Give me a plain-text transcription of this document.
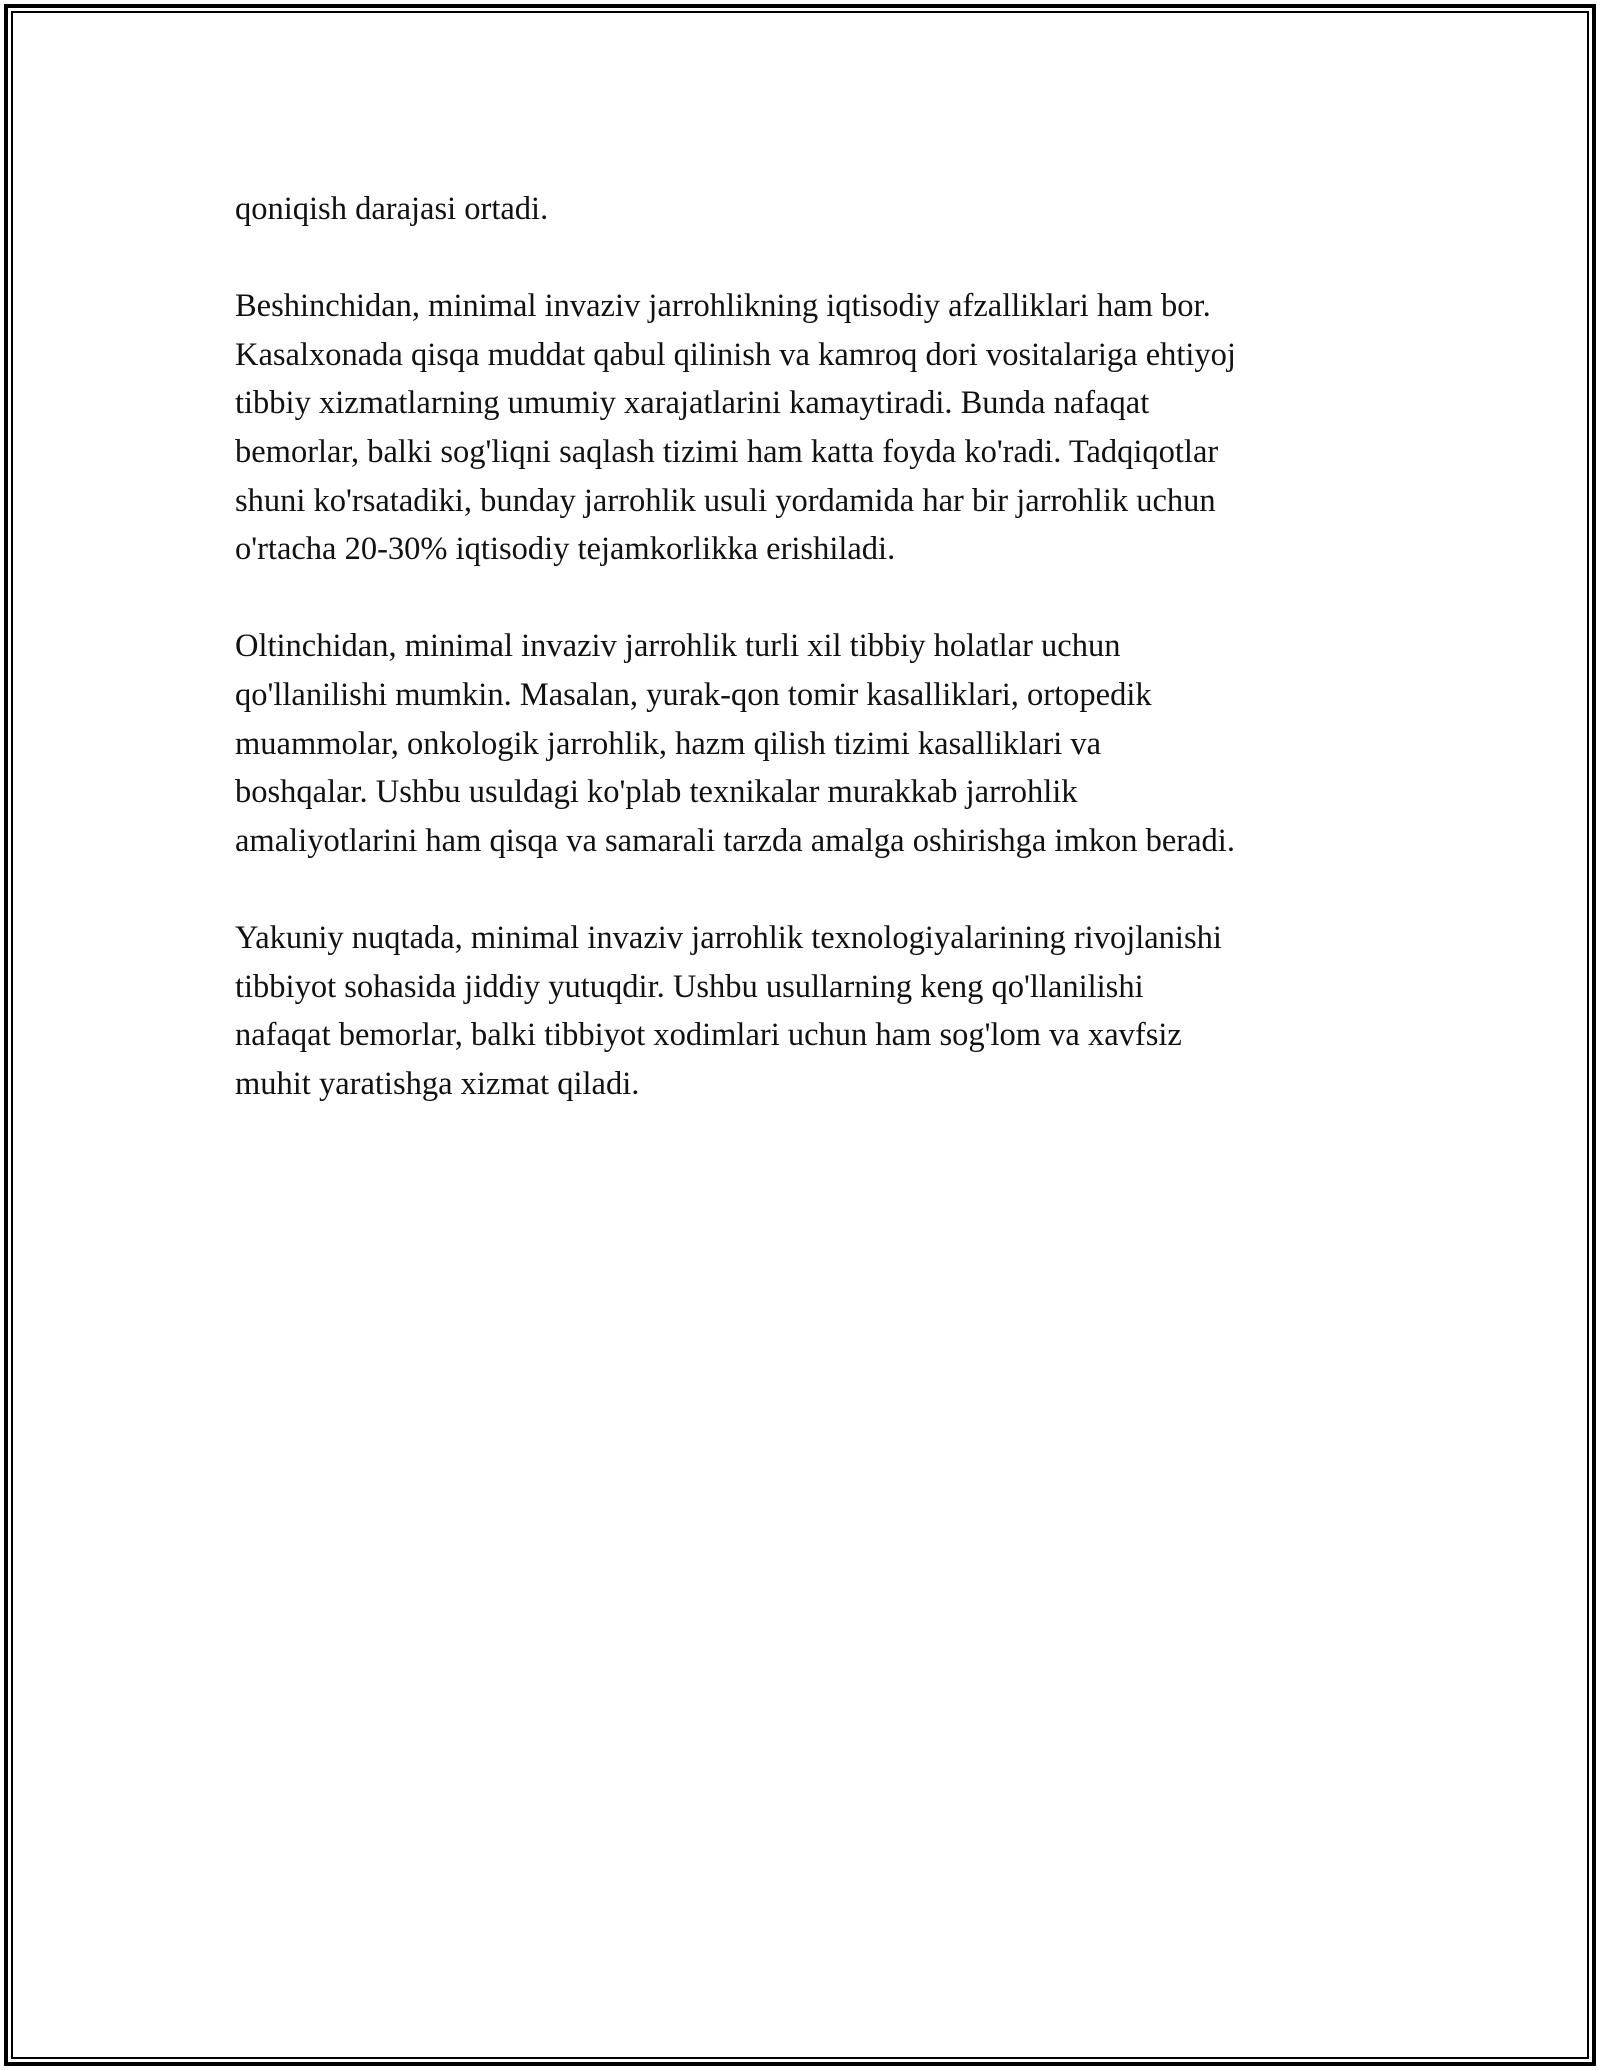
qoniqish darajasi ortadi.

Beshinchidan, minimal invaziv jarrohlikning iqtisodiy afzalliklari ham bor.
Kasalxonada qisqa muddat qabul qilinish va kamroq dori vositalariga ehtiyoj
tibbiy xizmatlarning umumiy xarajatlarini kamaytiradi. Bunda nafaqat
bemorlar, balki sog'liqni saqlash tizimi ham katta foyda ko'radi. Tadqiqotlar
shuni ko'rsatadiki, bunday jarrohlik usuli yordamida har bir jarrohlik uchun
o'rtacha 20-30% iqtisodiy tejamkorlikka erishiladi.

Oltinchidan, minimal invaziv jarrohlik turli xil tibbiy holatlar uchun
qo'llanilishi mumkin. Masalan, yurak-qon tomir kasalliklari, ortopedik
muammolar, onkologik jarrohlik, hazm qilish tizimi kasalliklari va
boshqalar. Ushbu usuldagi ko'plab texnikalar murakkab jarrohlik
amaliyotlarini ham qisqa va samarali tarzda amalga oshirishga imkon beradi.

Yakuniy nuqtada, minimal invaziv jarrohlik texnologiyalarining rivojlanishi
tibbiyot sohasida jiddiy yutuqdir. Ushbu usullarning keng qo'llanilishi
nafaqat bemorlar, balki tibbiyot xodimlari uchun ham sog'lom va xavfsiz
muhit yaratishga xizmat qiladi.
